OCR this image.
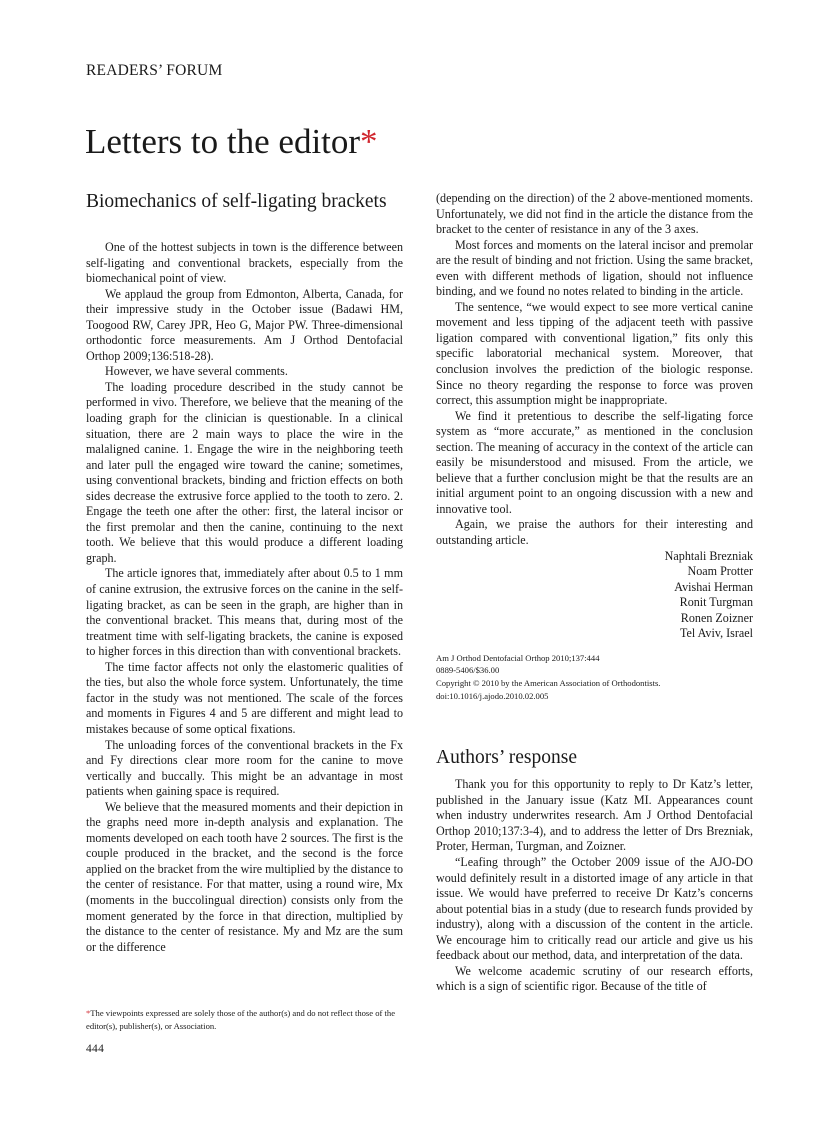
READERS’ FORUM
Letters to the editor*
Biomechanics of self-ligating brackets

One of the hottest subjects in town is the difference between self-ligating and conventional brackets, especially from the biomechanical point of view.

We applaud the group from Edmonton, Alberta, Canada, for their impressive study in the October issue (Badawi HM, Toogood RW, Carey JPR, Heo G, Major PW. Three-dimensional orthodontic force measurements. Am J Orthod Dentofacial Orthop 2009;136:518-28).

However, we have several comments.

The loading procedure described in the study cannot be performed in vivo. Therefore, we believe that the meaning of the loading graph for the clinician is questionable. In a clinical situation, there are 2 main ways to place the wire in the malaligned canine. 1. Engage the wire in the neighboring teeth and later pull the engaged wire toward the canine; sometimes, using conventional brackets, binding and friction effects on both sides decrease the extrusive force applied to the tooth to zero. 2. Engage the teeth one after the other: first, the lateral incisor or the first premolar and then the canine, continuing to the next tooth. We believe that this would produce a different loading graph.

The article ignores that, immediately after about 0.5 to 1 mm of canine extrusion, the extrusive forces on the canine in the self-ligating bracket, as can be seen in the graph, are higher than in the conventional bracket. This means that, during most of the treatment time with self-ligating brackets, the canine is exposed to higher forces in this direction than with conventional brackets.

The time factor affects not only the elastomeric qualities of the ties, but also the whole force system. Unfortunately, the time factor in the study was not mentioned. The scale of the forces and moments in Figures 4 and 5 are different and might lead to mistakes because of some optical fixations.

The unloading forces of the conventional brackets in the Fx and Fy directions clear more room for the canine to move vertically and buccally. This might be an advantage in most patients when gaining space is required.

We believe that the measured moments and their depiction in the graphs need more in-depth analysis and explanation. The moments developed on each tooth have 2 sources. The first is the couple produced in the bracket, and the second is the force applied on the bracket from the wire multiplied by the distance to the center of resistance. For that matter, using a round wire, Mx (moments in the buccolingual direction) consists only from the moment generated by the force in that direction, multiplied by the distance to the center of resistance. My and Mz are the sum or the difference

(depending on the direction) of the 2 above-mentioned moments. Unfortunately, we did not find in the article the distance from the bracket to the center of resistance in any of the 3 axes.

Most forces and moments on the lateral incisor and premolar are the result of binding and not friction. Using the same bracket, even with different methods of ligation, should not influence binding, and we found no notes related to binding in the article.

The sentence, “we would expect to see more vertical canine movement and less tipping of the adjacent teeth with passive ligation compared with conventional ligation,” fits only this specific laboratorial mechanical system. Moreover, that conclusion involves the prediction of the biologic response. Since no theory regarding the response to force was proven correct, this assumption might be inappropriate.

We find it pretentious to describe the self-ligating force system as “more accurate,” as mentioned in the conclusion section. The meaning of accuracy in the context of the article can easily be misunderstood and misused. From the article, we believe that a further conclusion might be that the results are an initial argument point to an ongoing discussion with a new and innovative tool.

Again, we praise the authors for their interesting and outstanding article.

Naphtali Brezniak
Noam Protter
Avishai Herman
Ronit Turgman
Ronen Zoizner
Tel Aviv, Israel
Am J Orthod Dentofacial Orthop 2010;137:444
0889-5406/$36.00
Copyright © 2010 by the American Association of Orthodontists.
doi:10.1016/j.ajodo.2010.02.005
Authors’ response

Thank you for this opportunity to reply to Dr Katz’s letter, published in the January issue (Katz MI. Appearances count when industry underwrites research. Am J Orthod Dentofacial Orthop 2010;137:3-4), and to address the letter of Drs Brezniak, Proter, Herman, Turgman, and Zoizner.

“Leafing through” the October 2009 issue of the AJO-DO would definitely result in a distorted image of any article in that issue. We would have preferred to receive Dr Katz’s concerns about potential bias in a study (due to research funds provided by industry), along with a discussion of the content in the article. We encourage him to critically read our article and give us his feedback about our method, data, and interpretation of the data.

We welcome academic scrutiny of our research efforts, which is a sign of scientific rigor. Because of the title of

*The viewpoints expressed are solely those of the author(s) and do not reflect those of the editor(s), publisher(s), or Association.
444
